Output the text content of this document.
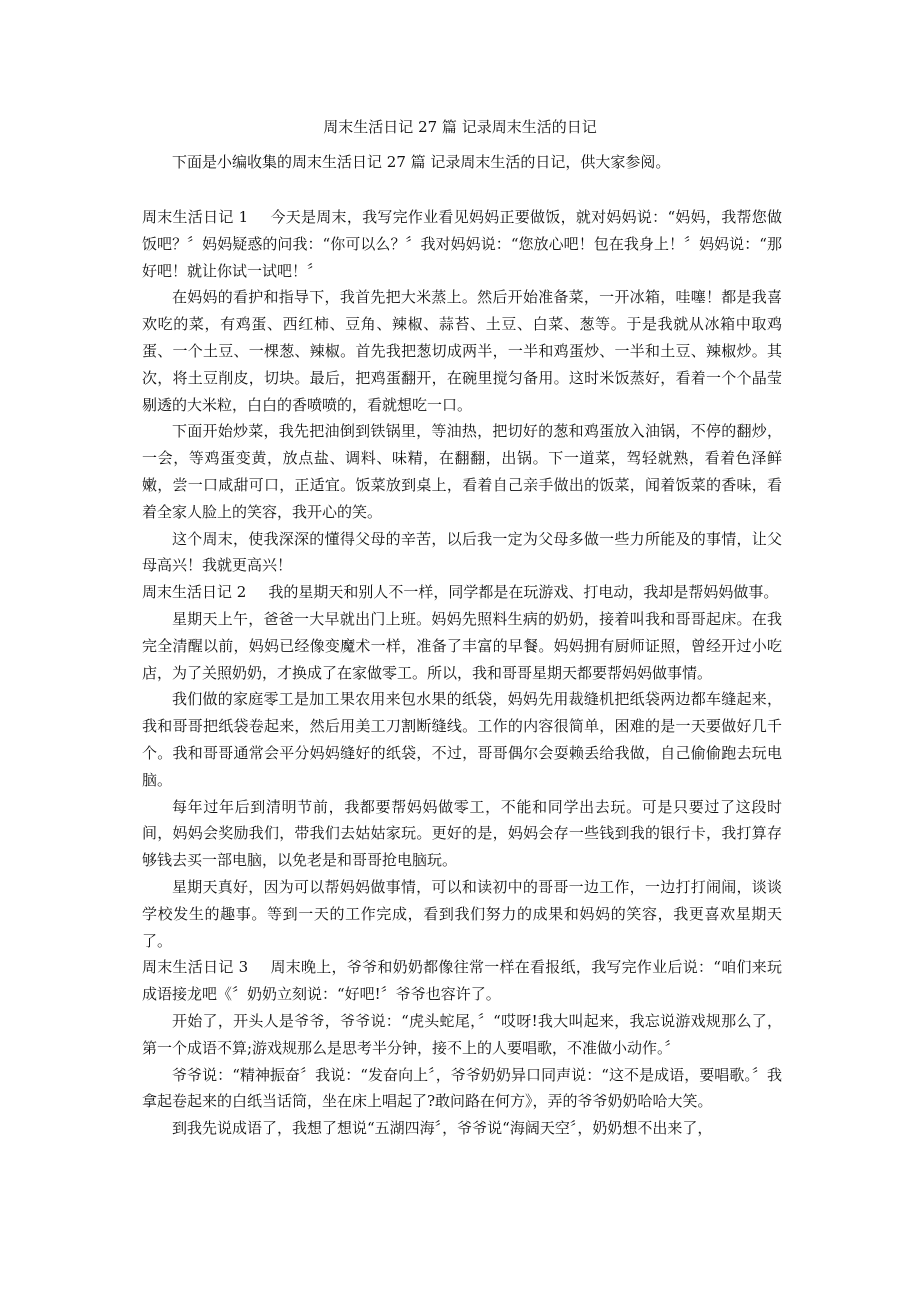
周末生活日记 27 篇 记录周末生活的日记
下面是小编收集的周末生活日记 27 篇 记录周末生活的日记，供大家参阅。

周末生活日记 1 今天是周末，我写完作业看见妈妈正要做饭，就对妈妈说：“妈妈，我帮您做饭吧？〞妈妈疑惑的问我：“你可以么？〞我对妈妈说：“您放心吧！包在我身上！〞妈妈说：“那好吧！就让你试一试吧！〞

在妈妈的看护和指导下，我首先把大米蒸上。然后开始准备菜，一开冰箱，哇噻！都是我喜欢吃的菜，有鸡蛋、西红柿、豆角、辣椒、蒜苔、土豆、白菜、葱等。于是我就从冰箱中取鸡蛋、一个土豆、一棵葱、辣椒。首先我把葱切成两半，一半和鸡蛋炒、一半和土豆、辣椒炒。其次，将土豆削皮，切块。最后，把鸡蛋翻开，在碗里搅匀备用。这时米饭蒸好，看着一个个晶莹剔透的大米粒，白白的香喷喷的，看就想吃一口。

下面开始炒菜，我先把油倒到铁锅里，等油热，把切好的葱和鸡蛋放入油锅，不停的翻炒，一会，等鸡蛋变黄，放点盐、调料、味精，在翻翻，出锅。下一道菜，驾轻就熟，看着色泽鲜嫩，尝一口咸甜可口，正适宜。饭菜放到桌上，看着自己亲手做出的饭菜，闻着饭菜的香味，看着全家人脸上的笑容，我开心的笑。

这个周末，使我深深的懂得父母的辛苦，以后我一定为父母多做一些力所能及的事情，让父母高兴！我就更高兴！

周末生活日记 2 我的星期天和别人不一样，同学都是在玩游戏、打电动，我却是帮妈妈做事。

星期天上午，爸爸一大早就出门上班。妈妈先照料生病的奶奶，接着叫我和哥哥起床。在我完全清醒以前，妈妈已经像变魔术一样，准备了丰富的早餐。妈妈拥有厨师证照，曾经开过小吃店，为了关照奶奶，才换成了在家做零工。所以，我和哥哥星期天都要帮妈妈做事情。

我们做的家庭零工是加工果农用来包水果的纸袋，妈妈先用裁缝机把纸袋两边都车缝起来，我和哥哥把纸袋卷起来，然后用美工刀割断缝线。工作的内容很简单，困难的是一天要做好几千个。我和哥哥通常会平分妈妈缝好的纸袋，不过，哥哥偶尔会耍赖丢给我做，自己偷偷跑去玩电脑。

每年过年后到清明节前，我都要帮妈妈做零工，不能和同学出去玩。可是只要过了这段时间，妈妈会奖励我们，带我们去姑姑家玩。更好的是，妈妈会存一些钱到我的银行卡，我打算存够钱去买一部电脑，以免老是和哥哥抢电脑玩。

星期天真好，因为可以帮妈妈做事情，可以和读初中的哥哥一边工作，一边打打闹闹，谈谈学校发生的趣事。等到一天的工作完成，看到我们努力的成果和妈妈的笑容，我更喜欢星期天了。

周末生活日记 3 周末晚上，爷爷和奶奶都像往常一样在看报纸，我写完作业后说：“咱们来玩成语接龙吧《〞奶奶立刻说：“好吧!〞爷爷也容许了。

开始了，开头人是爷爷，爷爷说：“虎头蛇尾，〞“哎呀!我大叫起来，我忘说游戏规那么了，第一个成语不算;游戏规那么是思考半分钟，接不上的人要唱歌，不准做小动作。〞

爷爷说：“精神振奋〞我说：“发奋向上〞，爷爷奶奶异口同声说：“这不是成语，要唱歌。〞我拿起卷起来的白纸当话筒，坐在床上唱起了?敢问路在何方》，弄的爷爷奶奶哈哈大笑。

到我先说成语了，我想了想说“五湖四海〞，爷爷说“海阔天空〞，奶奶想不出来了，
